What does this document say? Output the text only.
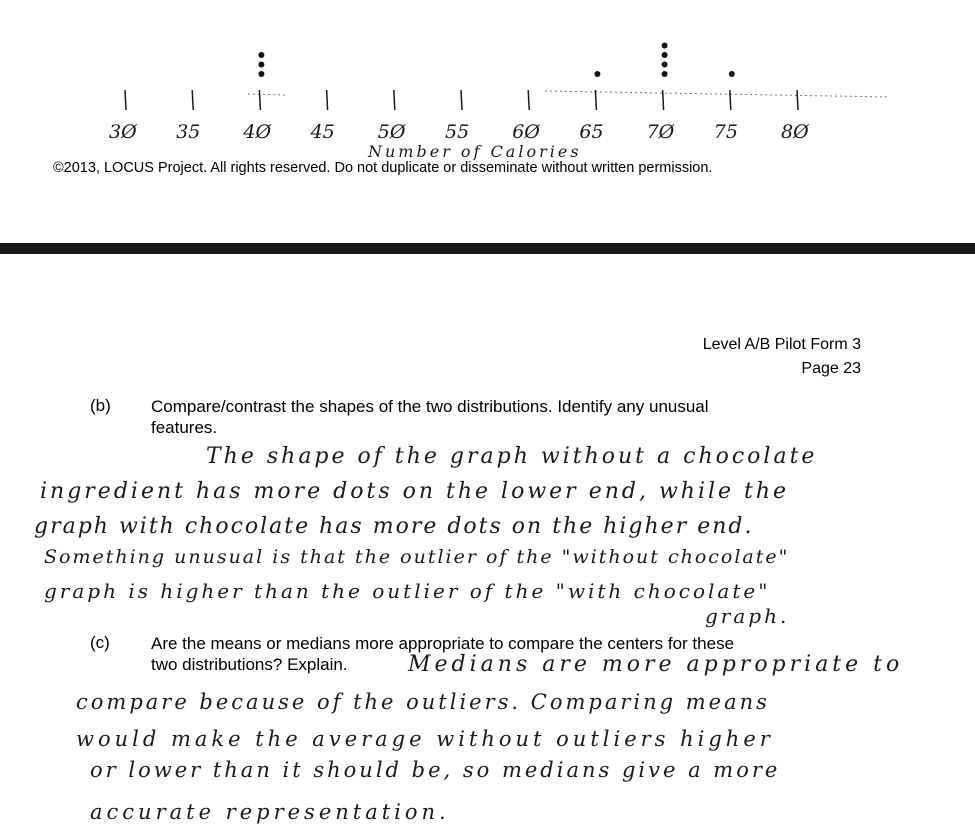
3Ø 35 4Ø 45 5Ø 55 6Ø 65 7Ø 75 8Ø
Number of Calories
©2013, LOCUS Project. All rights reserved. Do not duplicate or disseminate without written permission.
Level A/B Pilot Form 3
Page 23
(b) Compare/contrast the shapes of the two distributions. Identify any unusual
features.
The shape of the graph without a chocolate
ingredient has more dots on the lower end, while the
graph with chocolate has more dots on the higher end.
Something unusual is that the outlier of the "without chocolate"
graph is higher than the outlier of the "with chocolate"
graph.
(c) Are the means or medians more appropriate to compare the centers for these
two distributions? Explain.	Medians are more appropriate to
compare because of the outliers. Comparing means
would make the average without outliers higher
or lower than it should be, so medians give a more
accurate representation.
